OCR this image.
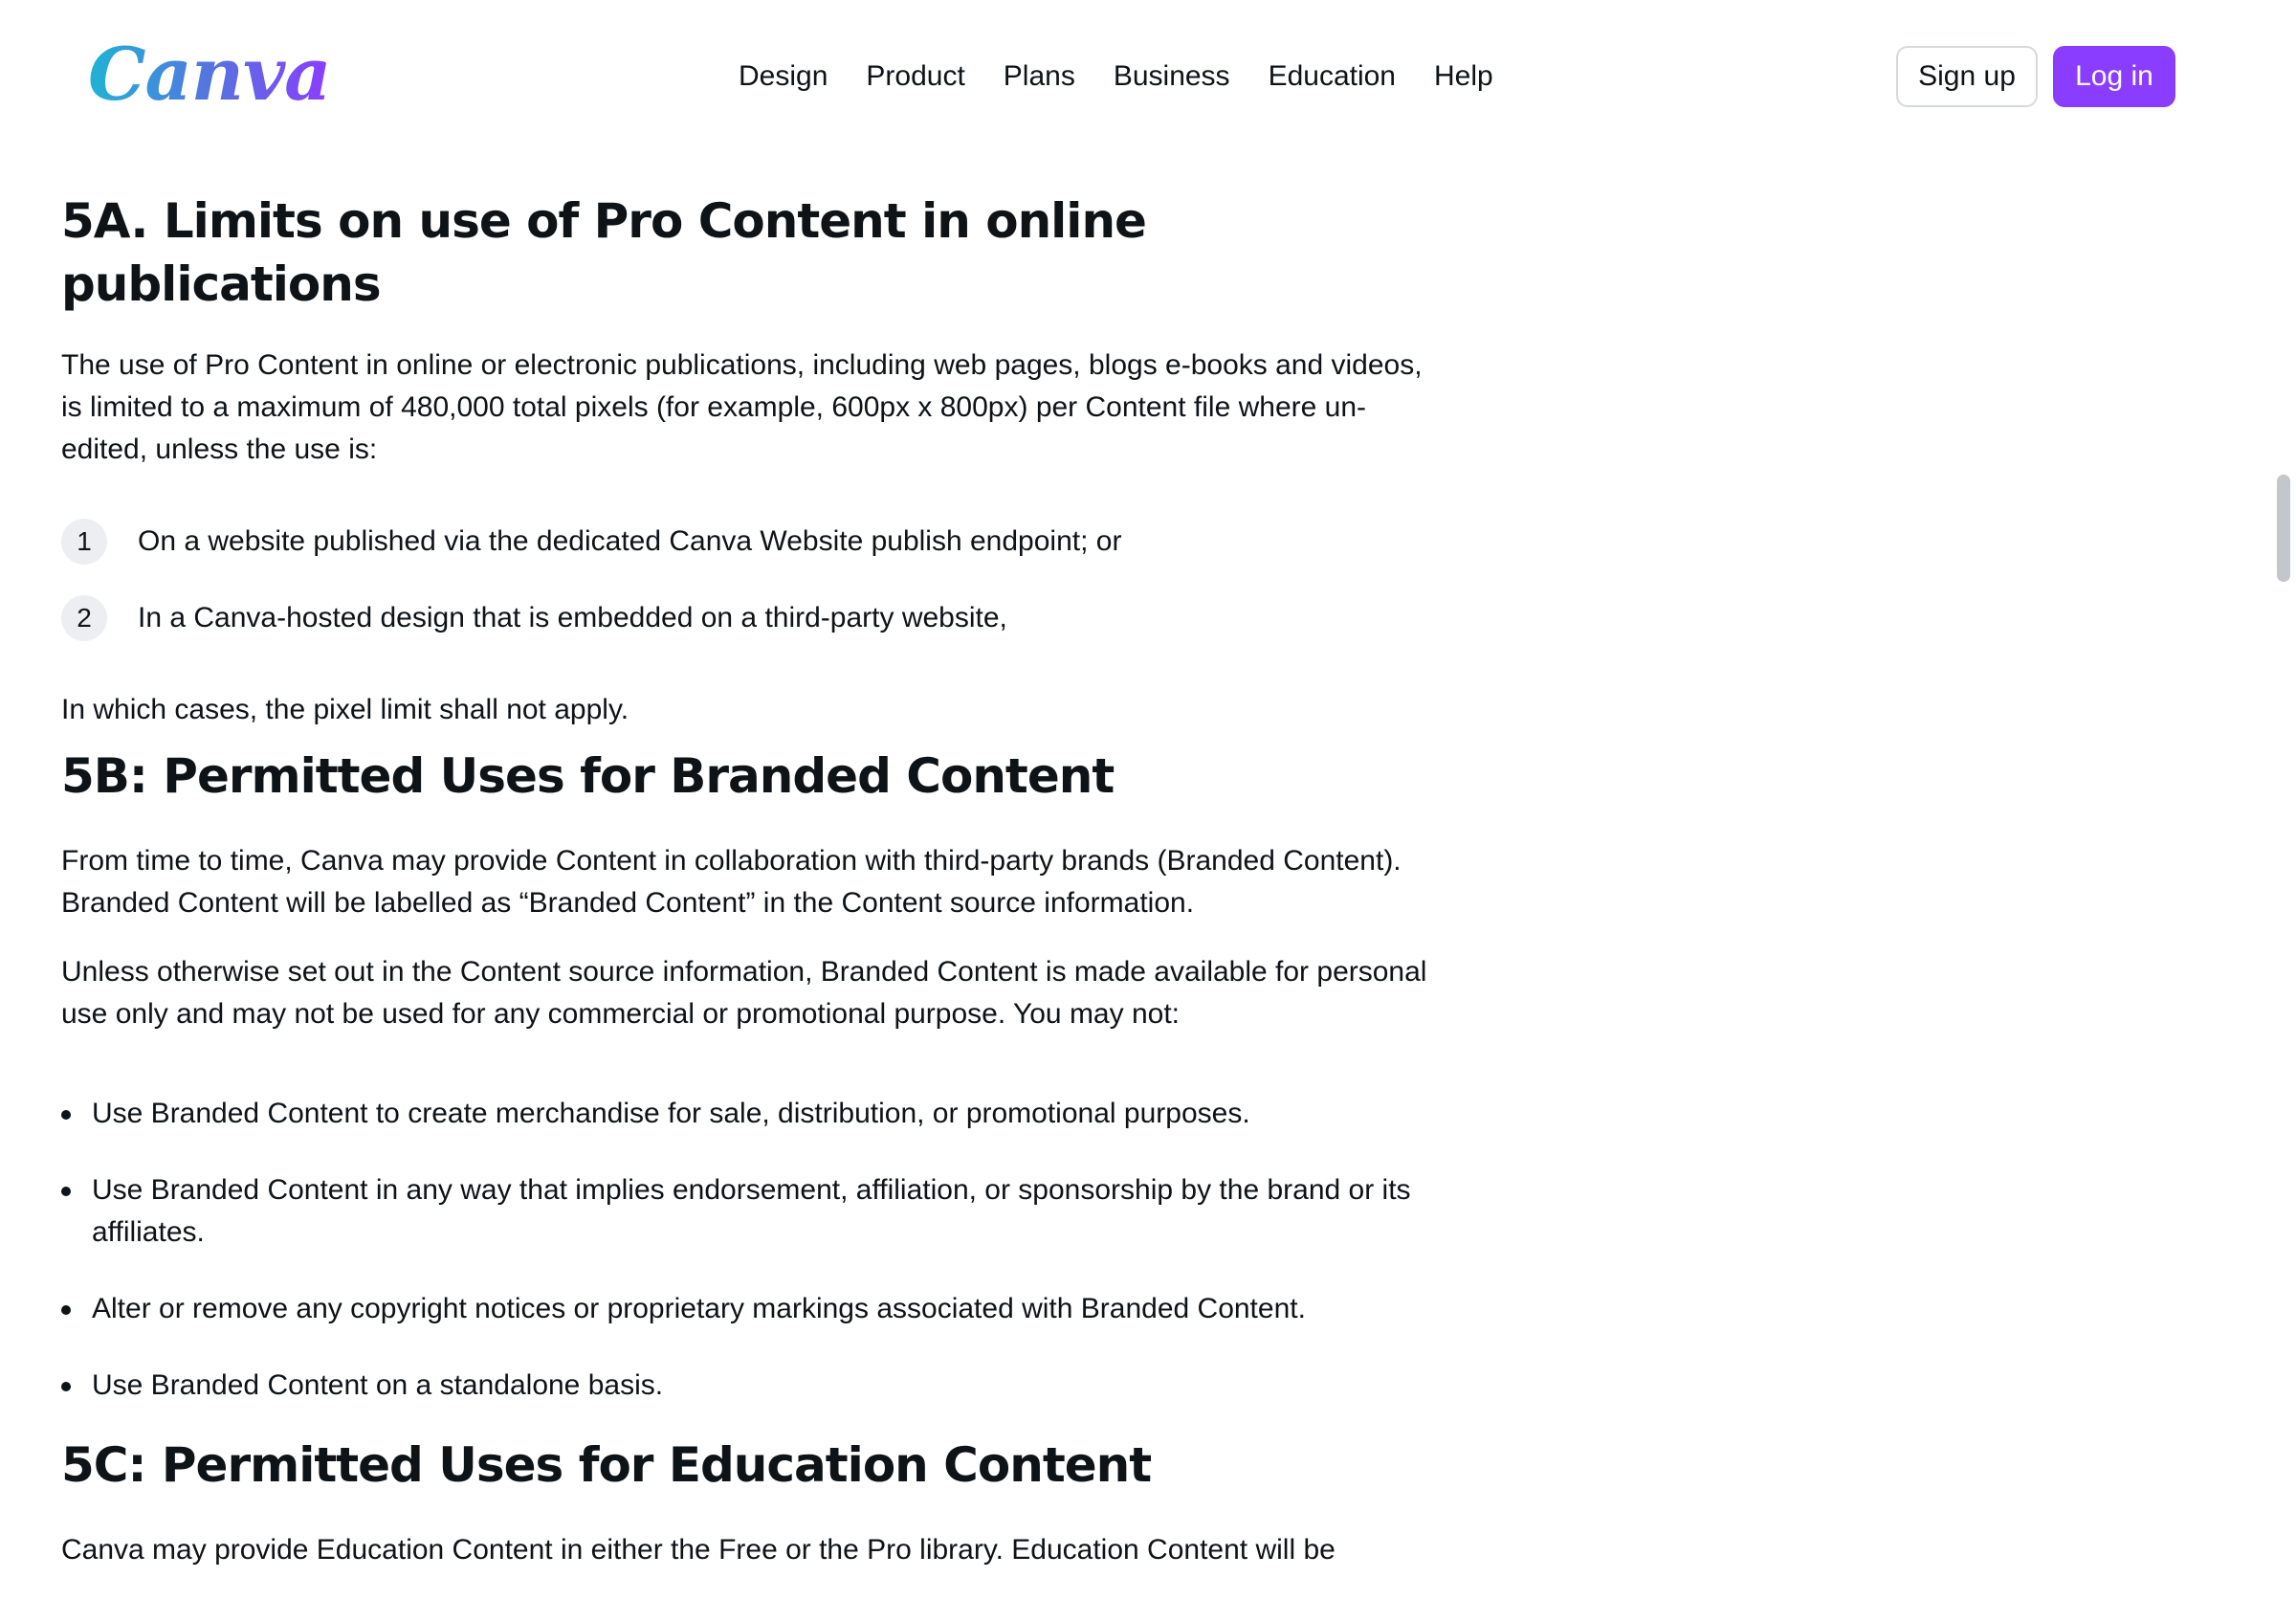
Canva	Design Product Plans Business Education Help	Sign up	Log in
5A. Limits on use of Pro Content in online publications

The use of Pro Content in online or electronic publications, including web pages, blogs e-books and videos, is limited to a maximum of 480,000 total pixels (for example, 600px x 800px) per Content file where un-edited, unless the use is:

1	On a website published via the dedicated Canva Website publish endpoint; or
2	In a Canva-hosted design that is embedded on a third-party website,

In which cases, the pixel limit shall not apply.

5B: Permitted Uses for Branded Content

From time to time, Canva may provide Content in collaboration with third-party brands (Branded Content). Branded Content will be labelled as “Branded Content” in the Content source information.

Unless otherwise set out in the Content source information, Branded Content is made available for personal use only and may not be used for any commercial or promotional purpose. You may not:

Use Branded Content to create merchandise for sale, distribution, or promotional purposes.
Use Branded Content in any way that implies endorsement, affiliation, or sponsorship by the brand or its affiliates.
Alter or remove any copyright notices or proprietary markings associated with Branded Content.
Use Branded Content on a standalone basis.
5C: Permitted Uses for Education Content

Canva may provide Education Content in either the Free or the Pro library. Education Content will be
